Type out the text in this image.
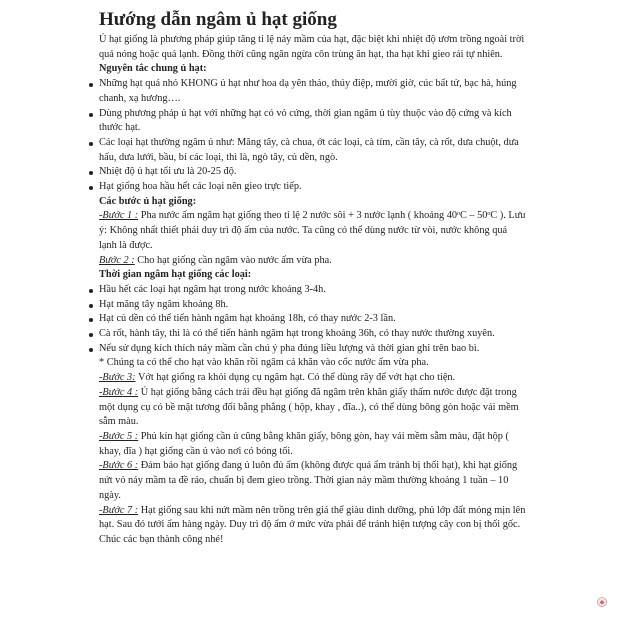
Hướng dẫn ngâm ủ hạt giống

Ủ hạt giống là phương pháp giúp tăng tỉ lệ nảy mầm của hạt, đặc biệt khi nhiệt độ ươm trồng ngoài trời quá nóng hoặc quá lạnh. Đồng thời cũng ngăn ngừa côn trùng ăn hạt, tha hạt khi gieo rải tự nhiên.

Nguyên tắc chung ủ hạt:

Những hạt quá nhỏ KHONG ủ hạt như hoa dạ yên thảo, thúy điệp, mười giờ, cúc bất tử, bạc hà, húng chanh, xạ hương….
Dùng phương pháp ủ hạt với những hạt có vỏ cứng, thời gian ngâm ủ tùy thuộc vào độ cứng và kích thước hạt.
Các loại hạt thường ngâm ủ như: Măng tây, cà chua, ớt các loại, cà tím, cần tây, cà rốt, dưa chuột, dưa hấu, dưa lưới, bầu, bí các loại, thì là, ngò tây, củ dền, ngò.
Nhiệt độ ủ hạt tối ưu là 20-25 độ.
Hạt giống hoa hầu hết các loại nên gieo trực tiếp.

Các bước ủ hạt giống:

-Bước 1 : Pha nước ấm ngâm hạt giống theo tỉ lệ 2 nước sôi + 3 nước lạnh ( khoảng 40ᵒC – 50ᵒC ). Lưu ý: Không nhất thiết phải duy trì độ ấm của nước. Ta cũng có thể dùng nước từ vòi, nước không quá lạnh là được.

Bước 2 : Cho hạt giống cần ngâm vào nước ấm vừa pha.

Thời gian ngâm hạt giống các loại:

Hầu hết các loại hạt ngâm hạt trong nước khoảng 3-4h.
Hạt măng tây ngâm khoảng 8h.
Hạt củ dền có thể tiến hành ngâm hạt khoảng 18h, có thay nước 2-3 lần.
Cà rốt, hành tây, thì là có thể tiến hành ngâm hạt trong khoảng 36h, có thay nước thường xuyên.
Nếu sử dụng kích thích nảy mầm cần chú ý pha đúng liều lượng và thời gian ghi trên bao bì.

* Chúng ta có thể cho hạt vào khăn rồi ngâm cả khăn vào cốc nước ấm vừa pha.

-Bước 3: Vớt hạt giống ra khỏi dụng cụ ngâm hạt. Có thể dùng rây để vớt hạt cho tiện.

-Bước 4 : Ủ hạt giống bằng cách trải đều hạt giống đã ngâm trên khăn giấy thấm nước được đặt trong một dụng cụ có bề mặt tương đối bằng phẳng ( hộp, khay , đĩa..), có thể dùng bông gòn hoặc vải mềm sẫm màu.

-Bước 5 : Phủ kín hạt giống cần ủ cũng bằng khăn giấy, bông gòn, hay vải mềm sẫm màu, đặt hộp ( khay, đĩa ) hạt giống cần ủ vào nơi có bóng tối.

-Bước 6 : Đảm bảo hạt giống đang ủ luôn đủ ẩm (không được quá ẩm tránh bị thối hạt), khi hạt giống nứt vỏ nảy mầm ta đề ráo, chuẩn bị đem gieo trồng. Thời gian nảy mầm thường khoảng 1 tuần – 10 ngày.

-Bước 7 : Hạt giống sau khi nứt mầm nên trồng trên giá thể giàu dinh dưỡng, phủ lớp đất mỏng mịn lên hạt. Sau đó tưới ẩm hàng ngày. Duy trì độ ẩm ở mức vừa phải để tránh hiện tượng cây con bị thối gốc.

Chúc các bạn thành công nhé!
